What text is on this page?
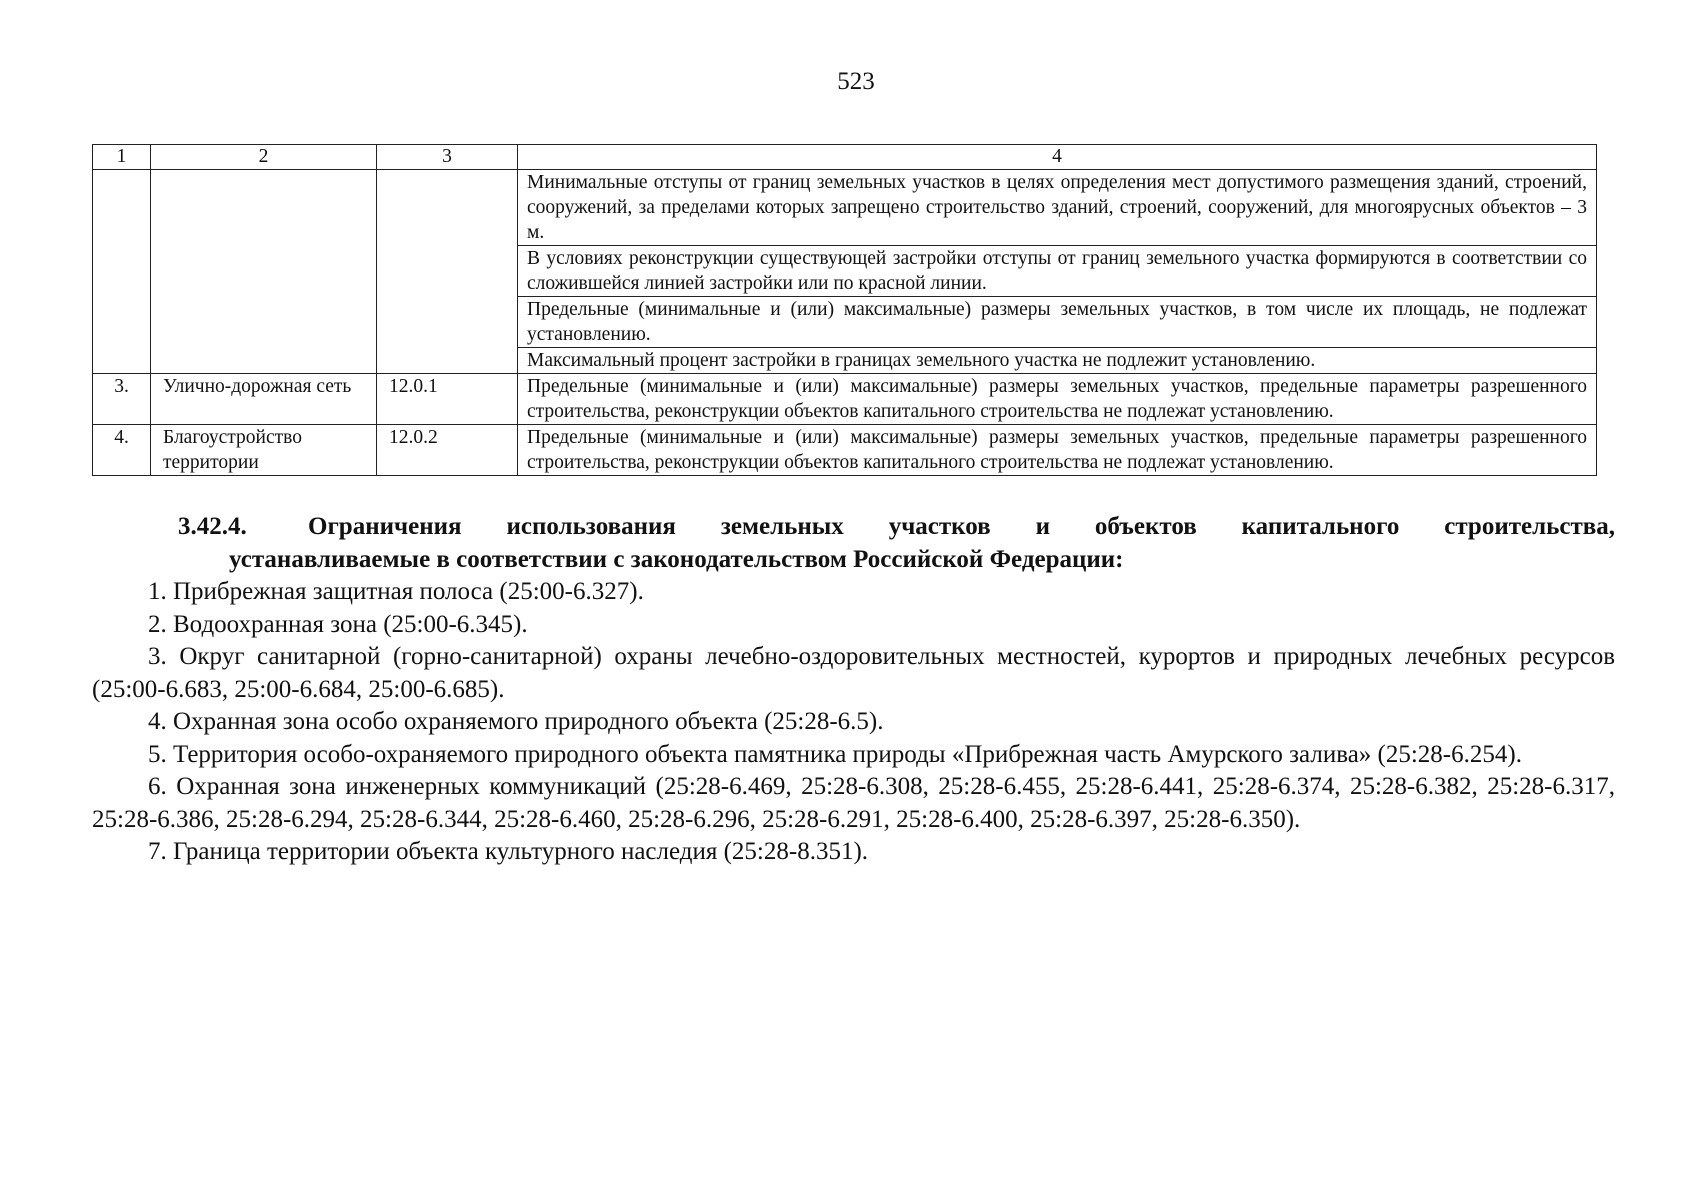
523
1	2	3	4
			Минимальные отступы от границ земельных участков в целях определения мест допустимого размещения зданий, строений, сооружений, за пределами которых запрещено строительство зданий, строений, сооружений, для многоярусных объектов – 3 м.
			В условиях реконструкции существующей застройки отступы от границ земельного участка формируются в соответствии со сложившейся линией застройки или по красной линии.
			Предельные (минимальные и (или) максимальные) размеры земельных участков, в том числе их площадь, не подлежат установлению.
			Максимальный процент застройки в границах земельного участка не подлежит установлению.
3.	Улично-дорожная сеть	12.0.1	Предельные (минимальные и (или) максимальные) размеры земельных участков, предельные параметры разрешенного строительства, реконструкции объектов капитального строительства не подлежат установлению.
4.	Благоустройство территории	12.0.2	Предельные (минимальные и (или) максимальные) размеры земельных участков, предельные параметры разрешенного строительства, реконструкции объектов капитального строительства не подлежат установлению.

3.42.4. Ограничения использования земельных участков и объектов капитального строительства,

устанавливаемые в соответствии с законодательством Российской Федерации:

1. Прибрежная защитная полоса (25:00-6.327).

2. Водоохранная зона (25:00-6.345).

3. Округ санитарной (горно-санитарной) охраны лечебно-оздоровительных местностей, курортов и природных лечебных ресурсов (25:00-6.683, 25:00-6.684, 25:00-6.685).

4. Охранная зона особо охраняемого природного объекта (25:28-6.5).

5. Территория особо-охраняемого природного объекта памятника природы «Прибрежная часть Амурского залива» (25:28-6.254).

6. Охранная зона инженерных коммуникаций (25:28-6.469, 25:28-6.308, 25:28-6.455, 25:28-6.441, 25:28-6.374, 25:28-6.382, 25:28-6.317, 25:28-6.386, 25:28-6.294, 25:28-6.344, 25:28-6.460, 25:28-6.296, 25:28-6.291, 25:28-6.400, 25:28-6.397, 25:28-6.350).

7. Граница территории объекта культурного наследия (25:28-8.351).
